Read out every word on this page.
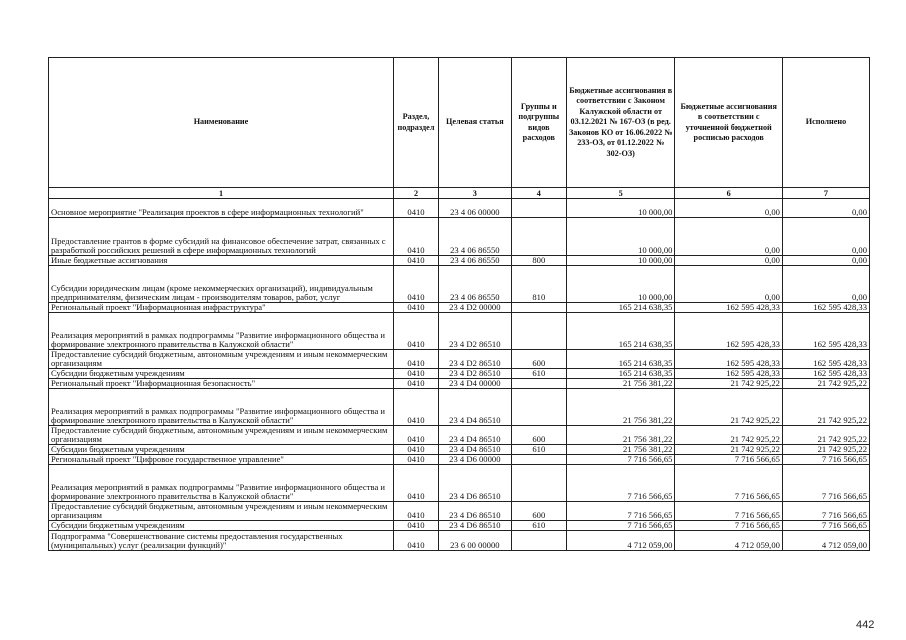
Наименование	Раздел, подраздел	Целевая статья	Группы и подгруппы видов расходов	Бюджетные ассигнования в соответствии с Законом Калужской области от 03.12.2021 № 167-ОЗ (в ред. Законов КО от 16.06.2022 № 233-ОЗ, от 01.12.2022 № 302-ОЗ)	Бюджетные ассигнования в соответствии с уточненной бюджетной росписью расходов	Исполнено
1	2	3	4	5	6	7
Основное мероприятие "Реализация проектов в сфере информационных технологий"	0410	23 4 06 00000		10 000,00	0,00	0,00
Предоставление грантов в форме субсидий на финансовое обеспечение затрат, связанных с разработкой российских решений в сфере информационных технологий	0410	23 4 06 86550		10 000,00	0,00	0,00
Иные бюджетные ассигнования	0410	23 4 06 86550	800	10 000,00	0,00	0,00
Субсидии юридическим лицам (кроме некоммерческих организаций), индивидуальным предпринимателям, физическим лицам - производителям товаров, работ, услуг	0410	23 4 06 86550	810	10 000,00	0,00	0,00
Региональный проект "Информационная инфраструктура"	0410	23 4 D2 00000		165 214 638,35	162 595 428,33	162 595 428,33
Реализация мероприятий в рамках подпрограммы "Развитие информационного общества и формирование электронного правительства в Калужской области"	0410	23 4 D2 86510		165 214 638,35	162 595 428,33	162 595 428,33
Предоставление субсидий бюджетным, автономным учреждениям и иным некоммерческим организациям	0410	23 4 D2 86510	600	165 214 638,35	162 595 428,33	162 595 428,33
Субсидии бюджетным учреждениям	0410	23 4 D2 86510	610	165 214 638,35	162 595 428,33	162 595 428,33
Региональный проект "Информационная безопасность"	0410	23 4 D4 00000		21 756 381,22	21 742 925,22	21 742 925,22
Реализация мероприятий в рамках подпрограммы "Развитие информационного общества и формирование электронного правительства в Калужской области"	0410	23 4 D4 86510		21 756 381,22	21 742 925,22	21 742 925,22
Предоставление субсидий бюджетным, автономным учреждениям и иным некоммерческим организациям	0410	23 4 D4 86510	600	21 756 381,22	21 742 925,22	21 742 925,22
Субсидии бюджетным учреждениям	0410	23 4 D4 86510	610	21 756 381,22	21 742 925,22	21 742 925,22
Региональный проект "Цифровое государственное управление"	0410	23 4 D6 00000		7 716 566,65	7 716 566,65	7 716 566,65
Реализация мероприятий в рамках подпрограммы "Развитие информационного общества и формирование электронного правительства в Калужской области"	0410	23 4 D6 86510		7 716 566,65	7 716 566,65	7 716 566,65
Предоставление субсидий бюджетным, автономным учреждениям и иным некоммерческим организациям	0410	23 4 D6 86510	600	7 716 566,65	7 716 566,65	7 716 566,65
Субсидии бюджетным учреждениям	0410	23 4 D6 86510	610	7 716 566,65	7 716 566,65	7 716 566,65
Подпрограмма "Совершенствование системы предоставления государственных (муниципальных) услуг (реализации функций)"	0410	23 6 00 00000		4 712 059,00	4 712 059,00	4 712 059,00
442
